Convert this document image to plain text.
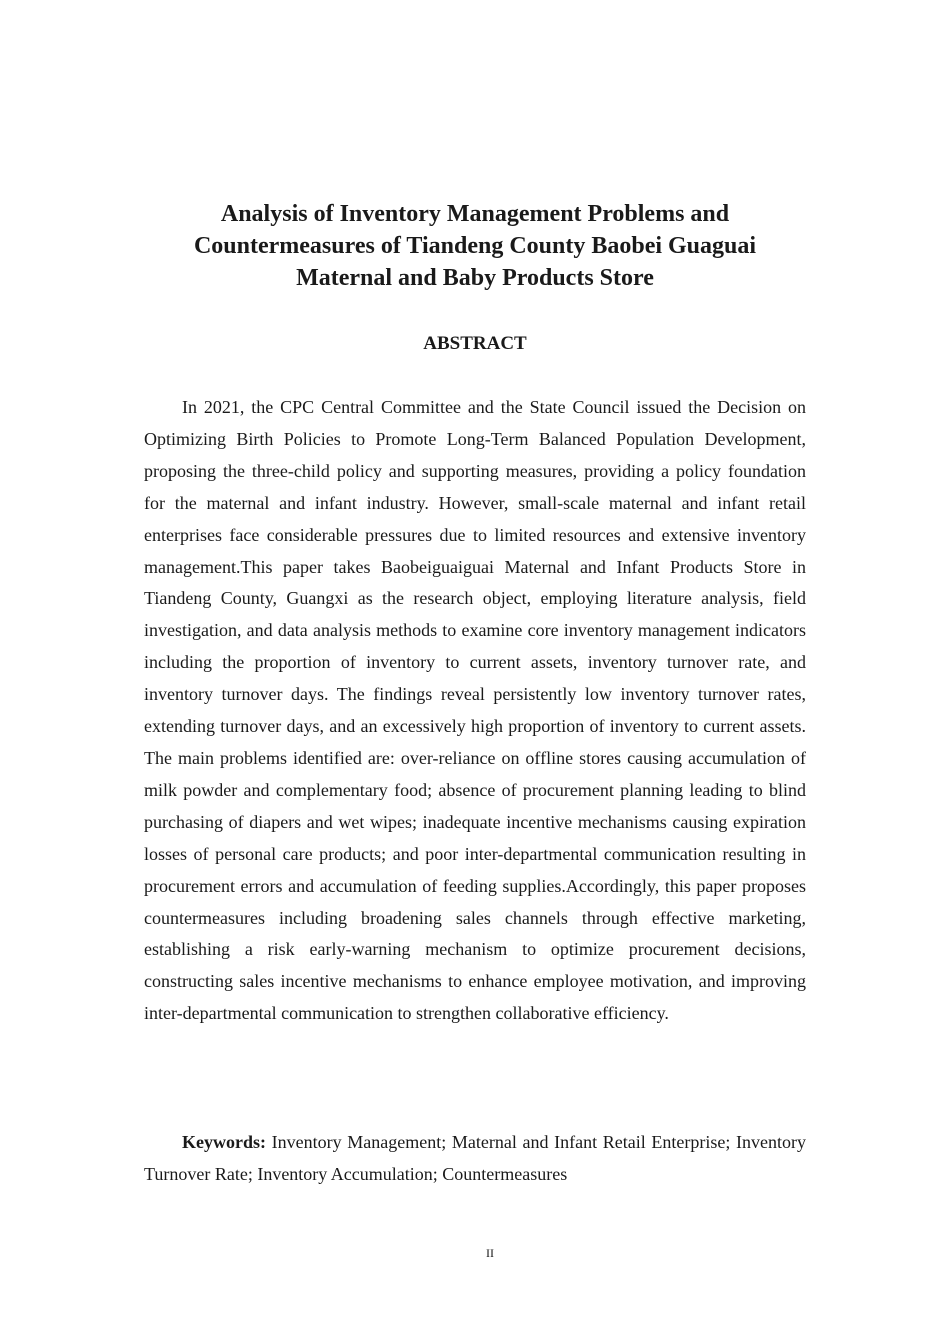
Analysis of Inventory Management Problems and
Countermeasures of Tiandeng County Baobei Guaguai
Maternal and Baby Products Store
ABSTRACT

In 2021, the CPC Central Committee and the State Council issued the Decision on Optimizing Birth Policies to Promote Long-Term Balanced Population Development, proposing the three-child policy and supporting measures, providing a policy foundation for the maternal and infant industry. However, small-scale maternal and infant retail enterprises face considerable pressures due to limited resources and extensive inventory management.This paper takes Baobeiguaiguai Maternal and Infant Products Store in Tiandeng County, Guangxi as the research object, employing literature analysis, field investigation, and data analysis methods to examine core inventory management indicators including the proportion of inventory to current assets, inventory turnover rate, and inventory turnover days. The findings reveal persistently low inventory turnover rates, extending turnover days, and an excessively high proportion of inventory to current assets. The main problems identified are: over-reliance on offline stores causing accumulation of milk powder and complementary food; absence of procurement planning leading to blind purchasing of diapers and wet wipes; inadequate incentive mechanisms causing expiration losses of personal care products; and poor inter-departmental communication resulting in procurement errors and accumulation of feeding supplies.Accordingly, this paper proposes countermeasures including broadening sales channels through effective marketing, establishing a risk early-warning mechanism to optimize procurement decisions, constructing sales incentive mechanisms to enhance employee motivation, and improving inter-departmental communication to strengthen collaborative efficiency.

Keywords: Inventory Management; Maternal and Infant Retail Enterprise; Inventory Turnover Rate; Inventory Accumulation; Countermeasures

II
